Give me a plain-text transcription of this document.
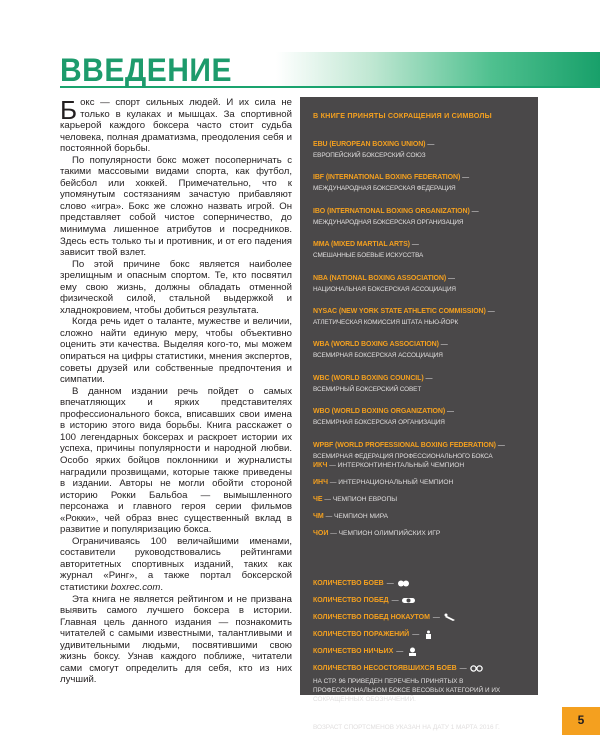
ВВЕДЕНИЕ

Бокс — спорт сильных людей. И их сила не только в кулаках и мышцах. За спортивной карьерой каждого боксера часто стоит судьба человека, полная драматизма, преодоления себя и постоянной борьбы.

По популярности бокс может посоперничать с такими массовыми видами спорта, как футбол, бейсбол или хоккей. Примечательно, что к упомянутым состязаниям зачастую прибавляют слово «игра». Бокс же сложно назвать игрой. Он представляет собой чистое соперничество, до минимума лишенное атрибутов и посредников. Здесь есть только ты и противник, и от его падения зависит твой взлет.

По этой причине бокс является наиболее зрелищным и опасным спортом. Те, кто посвятил ему свою жизнь, должны обладать отменной физической силой, стальной выдержкой и хладнокровием, чтобы добиться результата.

Когда речь идет о таланте, мужестве и величии, сложно найти единую меру, чтобы объективно оценить эти качества. Выделяя кого-то, мы можем опираться на цифры статистики, мнения экспертов, советы друзей или собственные предпочтения и симпатии.

В данном издании речь пойдет о самых впечатляющих и ярких представителях профессионального бокса, вписавших свои имена в историю этого вида борьбы. Книга расскажет о 100 легендарных боксерах и раскроет истории их успеха, причины популярности и народной любви. Особо ярких бойцов поклонники и журналисты наградили прозвищами, которые также приведены в издании. Авторы не могли обойти стороной историю Рокки Бальбоа — вымышленного персонажа и главного героя серии фильмов «Рокки», чей образ внес существенный вклад в развитие и популяризацию бокса.

Ограничиваясь 100 величайшими именами, составители руководствовались рейтингами авторитетных спортивных изданий, таких как журнал «Ринг», а также портал боксерской статистики boxrec.com.

Эта книга не является рейтингом и не призвана выявить самого лучшего боксера в истории. Главная цель данного издания — познакомить читателей с самыми известными, талантливыми и удивительными людьми, посвятившими свою жизнь боксу. Узнав каждого поближе, читатели сами смогут определить для себя, кто из них лучший.

В КНИГЕ ПРИНЯТЫ СОКРАЩЕНИЯ И СИМВОЛЫ
EBU (EUROPEAN BOXING UNION) —
ЕВРОПЕЙСКИЙ БОКСЕРСКИЙ СОЮЗ
IBF (INTERNATIONAL BOXING FEDERATION) —
МЕЖДУНАРОДНАЯ БОКСЕРСКАЯ ФЕДЕРАЦИЯ
IBO (INTERNATIONAL BOXING ORGANIZATION) —
МЕЖДУНАРОДНАЯ БОКСЕРСКАЯ ОРГАНИЗАЦИЯ
MMA (MIXED MARTIAL ARTS) —
СМЕШАННЫЕ БОЕВЫЕ ИСКУССТВА
NBA (NATIONAL BOXING ASSOCIATION) —
НАЦИОНАЛЬНАЯ БОКСЕРСКАЯ АССОЦИАЦИЯ
NYSAC (NEW YORK STATE ATHLETIC COMMISSION) —
АТЛЕТИЧЕСКАЯ КОМИССИЯ ШТАТА НЬЮ-ЙОРК
WBA (WORLD BOXING ASSOCIATION) —
ВСЕМИРНАЯ БОКСЕРСКАЯ АССОЦИАЦИЯ
WBC (WORLD BOXING COUNCIL) —
ВСЕМИРНЫЙ БОКСЕРСКИЙ СОВЕТ
WBO (WORLD BOXING ORGANIZATION) —
ВСЕМИРНАЯ БОКСЕРСКАЯ ОРГАНИЗАЦИЯ
WPBF (WORLD PROFESSIONAL BOXING FEDERATION) —
ВСЕМИРНАЯ ФЕДЕРАЦИЯ ПРОФЕССИОНАЛЬНОГО БОКСА
ИКЧ — ИНТЕРКОНТИНЕНТАЛЬНЫЙ ЧЕМПИОН
ИНЧ — ИНТЕРНАЦИОНАЛЬНЫЙ ЧЕМПИОН
ЧЕ — ЧЕМПИОН ЕВРОПЫ
ЧМ — ЧЕМПИОН МИРА
ЧОИ — ЧЕМПИОН ОЛИМПИЙСКИХ ИГР
КОЛИЧЕСТВО БОЕВ —
КОЛИЧЕСТВО ПОБЕД —
КОЛИЧЕСТВО ПОБЕД НОКАУТОМ —
КОЛИЧЕСТВО ПОРАЖЕНИЙ —
КОЛИЧЕСТВО НИЧЬИХ —
КОЛИЧЕСТВО НЕСОСТОЯВШИХСЯ БОЕВ —
НА СТР. 96 ПРИВЕДЕН ПЕРЕЧЕНЬ ПРИНЯТЫХ В ПРОФЕССИОНАЛЬНОМ БОКСЕ ВЕСОВЫХ КАТЕГОРИЙ И ИХ СОКРАЩЕННЫХ ОБОЗНАЧЕНИЙ.
ВОЗРАСТ СПОРТСМЕНОВ УКАЗАН НА ДАТУ 1 МАРТА 2016 Г.
5
